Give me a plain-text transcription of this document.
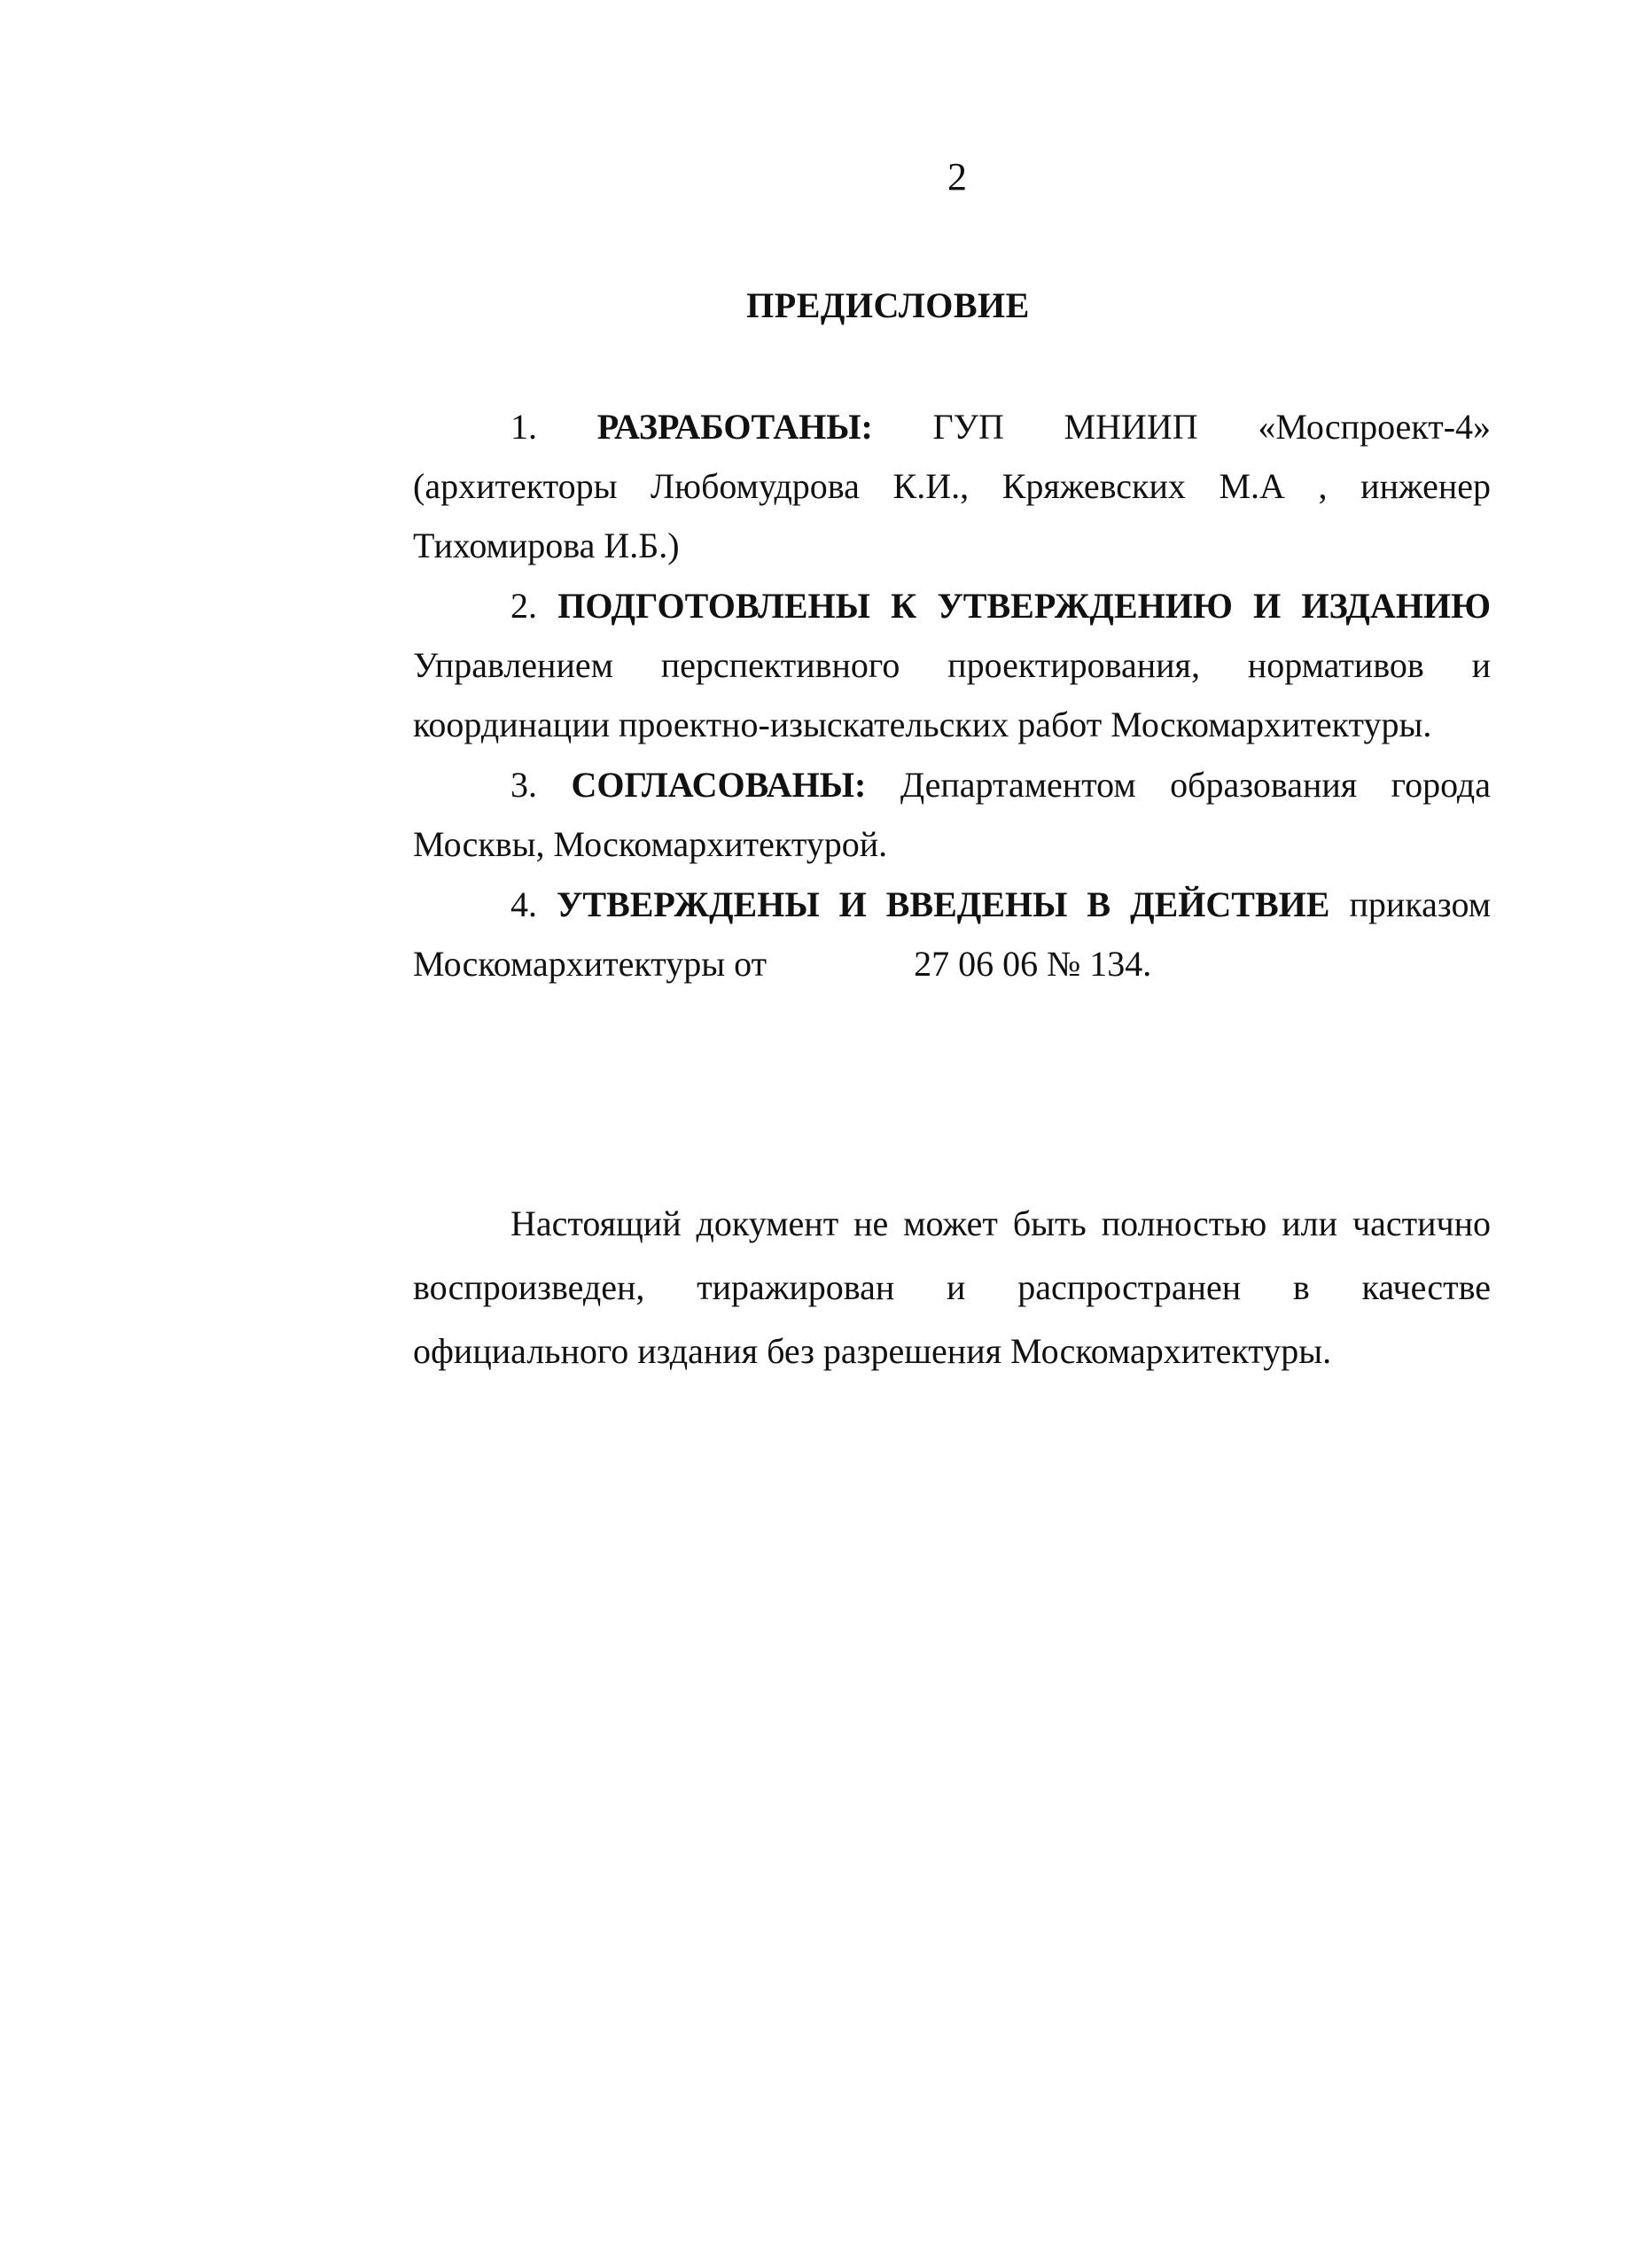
2
ПРЕДИСЛОВИЕ

1. РАЗРАБОТАНЫ: ГУП МНИИП «Моспроект-4» (архитекторы Любомудрова К.И., Кряжевских М.А , инженер Тихомирова И.Б.)

2. ПОДГОТОВЛЕНЫ К УТВЕРЖДЕНИЮ И ИЗДАНИЮ Управлением перспективного проектирования, нормативов и координации проектно-изыскательских работ Москомархитектуры.

3. СОГЛАСОВАНЫ: Департаментом образования города Москвы, Москомархитектурой.

4. УТВЕРЖДЕНЫ И ВВЕДЕНЫ В ДЕЙСТВИЕ приказом Москомархитектуры от	27 06 06 № 134.

Настоящий документ не может быть полностью или частично воспроизведен, тиражирован и распространен в качестве официального издания без разрешения Москомархитектуры.
